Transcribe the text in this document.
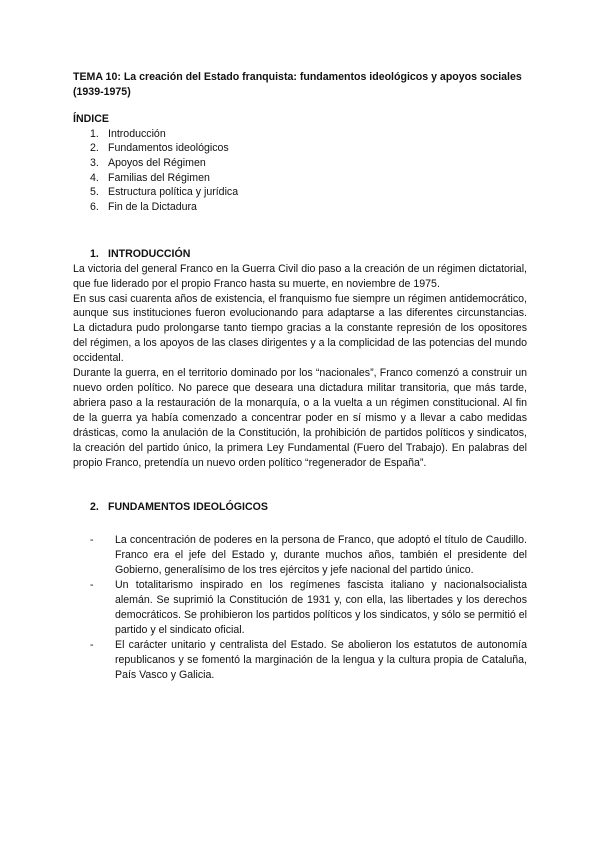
TEMA 10: La creación del Estado franquista: fundamentos ideológicos y apoyos sociales (1939-1975)
ÍNDICE
1. Introducción
2. Fundamentos ideológicos
3. Apoyos del Régimen
4. Familias del Régimen
5. Estructura política y jurídica
6. Fin de la Dictadura
1. INTRODUCCIÓN

La victoria del general Franco en la Guerra Civil dio paso a la creación de un régimen dictatorial, que fue liderado por el propio Franco hasta su muerte, en noviembre de 1975.

En sus casi cuarenta años de existencia, el franquismo fue siempre un régimen antidemocrático, aunque sus instituciones fueron evolucionando para adaptarse a las diferentes circunstancias. La dictadura pudo prolongarse tanto tiempo gracias a la constante represión de los opositores del régimen, a los apoyos de las clases dirigentes y a la complicidad de las potencias del mundo occidental.

Durante la guerra, en el territorio dominado por los “nacionales”, Franco comenzó a construir un nuevo orden político. No parece que deseara una dictadura militar transitoria, que más tarde, abriera paso a la restauración de la monarquía, o a la vuelta a un régimen constitucional. Al fin de la guerra ya había comenzado a concentrar poder en sí mismo y a llevar a cabo medidas drásticas, como la anulación de la Constitución, la prohibición de partidos políticos y sindicatos, la creación del partido único, la primera Ley Fundamental (Fuero del Trabajo). En palabras del propio Franco, pretendía un nuevo orden político “regenerador de España”.

2. FUNDAMENTOS IDEOLÓGICOS
-	La concentración de poderes en la persona de Franco, que adoptó el título de Caudillo. Franco era el jefe del Estado y, durante muchos años, también el presidente del Gobierno, generalísimo de los tres ejércitos y jefe nacional del partido único.
-	Un totalitarismo inspirado en los regímenes fascista italiano y nacionalsocialista alemán. Se suprimió la Constitución de 1931 y, con ella, las libertades y los derechos democráticos. Se prohibieron los partidos políticos y los sindicatos, y sólo se permitió el partido y el sindicato oficial.
-	El carácter unitario y centralista del Estado. Se abolieron los estatutos de autonomía republicanos y se fomentó la marginación de la lengua y la cultura propia de Cataluña, País Vasco y Galicia.
